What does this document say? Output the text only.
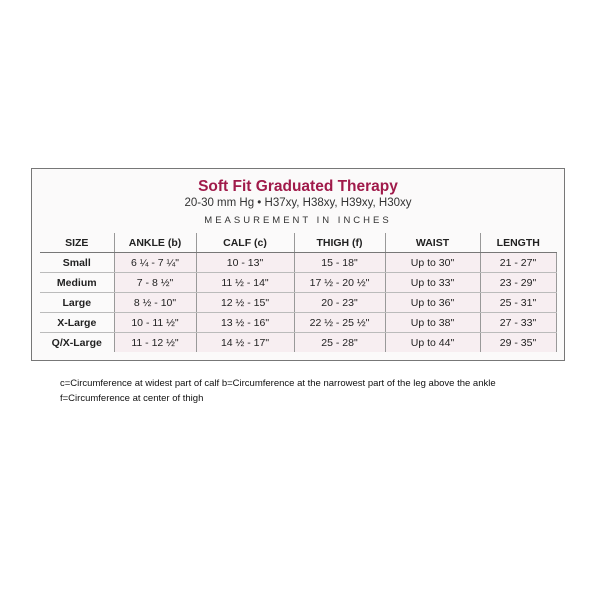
Soft Fit Graduated Therapy
20-30 mm Hg • H37xy, H38xy, H39xy, H30xy
MEASUREMENT IN INCHES
SIZE	ANKLE (b)	CALF (c)	THIGH (f)	WAIST	LENGTH
Small	6 ¼ - 7 ¼"	10 - 13"	15 - 18"	Up to 30"	21 - 27"
Medium	7 - 8 ½"	11 ½ - 14"	17 ½ - 20 ½"	Up to 33"	23 - 29"
Large	8 ½ - 10"	12 ½ - 15"	20 - 23"	Up to 36"	25 - 31"
X-Large	10 - 11 ½"	13 ½ - 16"	22 ½ - 25 ½"	Up to 38"	27 - 33"
Q/X-Large	11 - 12 ½"	14 ½ - 17"	25 - 28"	Up to 44"	29 - 35"
c=Circumference at widest part of calf b=Circumference at the narrowest part of the leg above the ankle
f=Circumference at center of thigh
